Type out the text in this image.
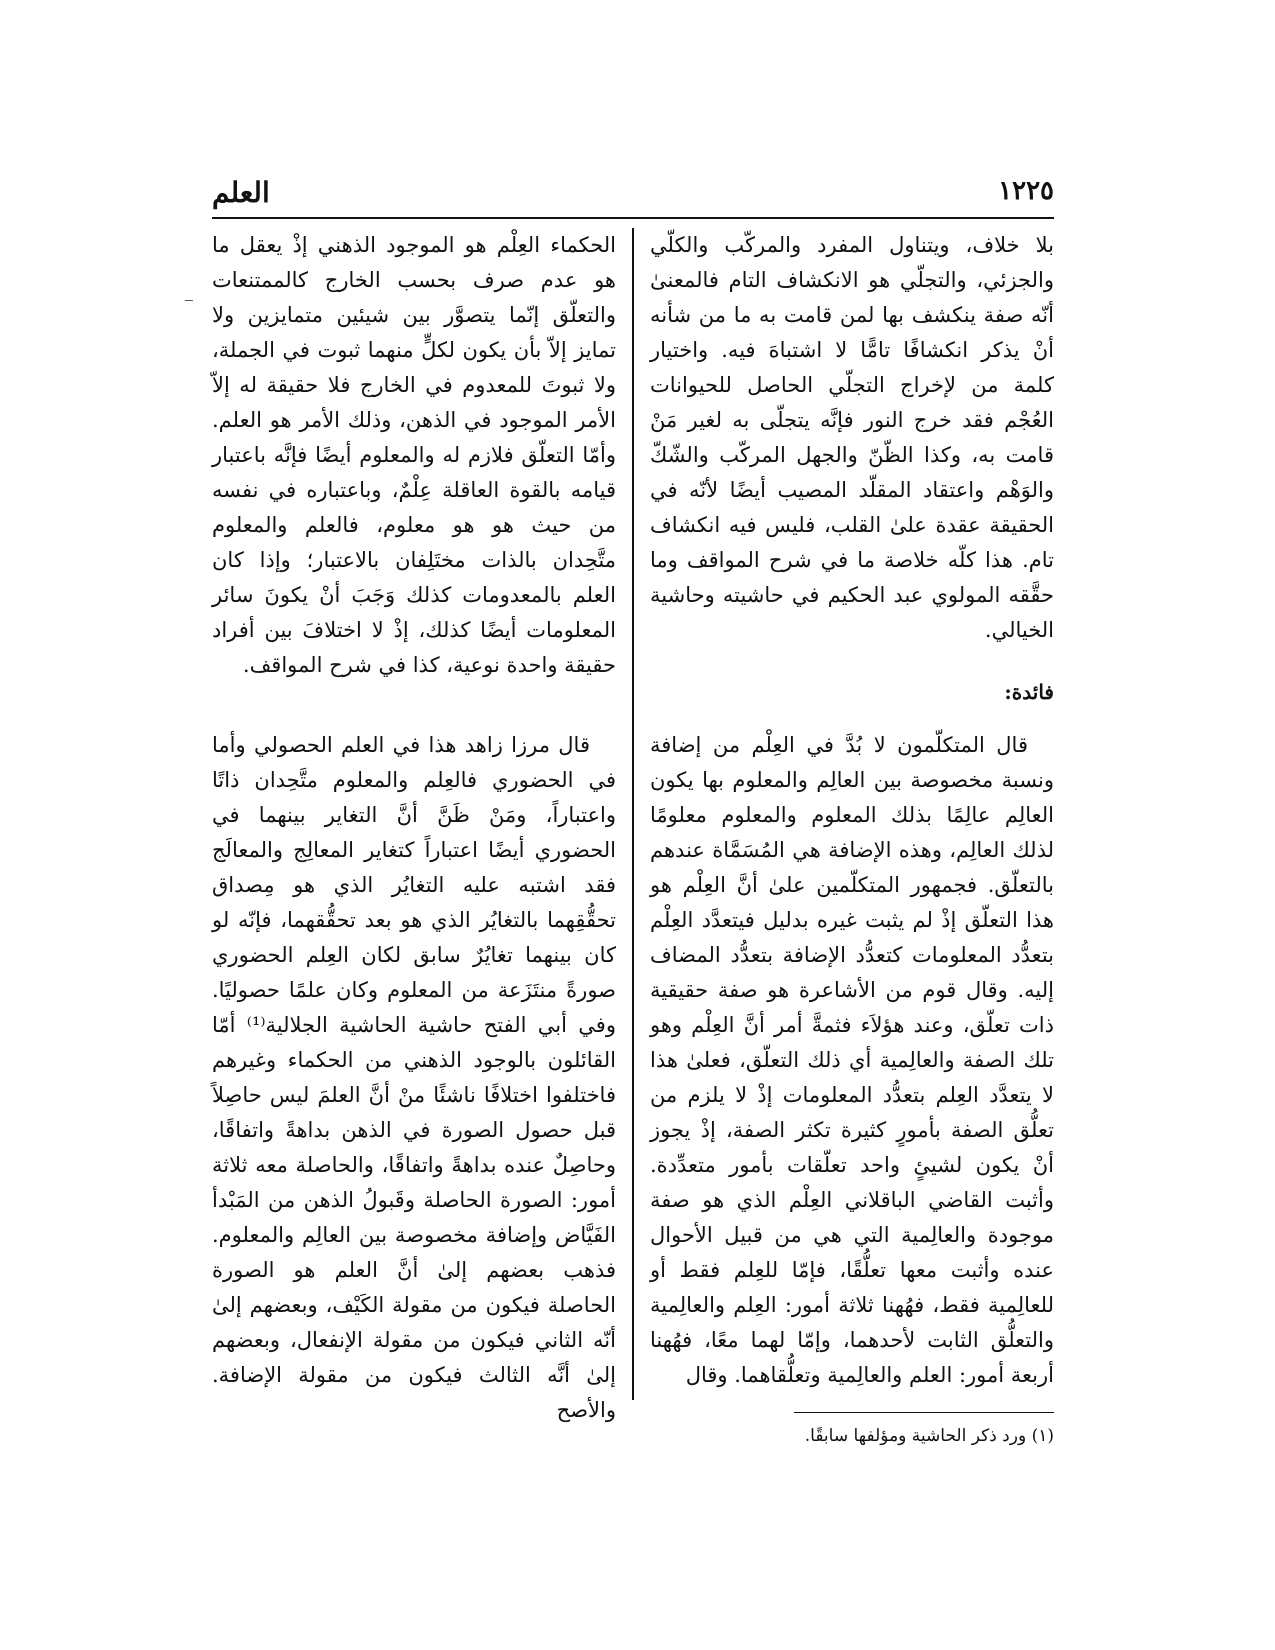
العلم	١٢٢٥

بلا خلاف، ويتناول المفرد والمركّب والكلّي والجزئي، والتجلّي هو الانكشاف التام فالمعنىٰ أنّه صفة ينكشف بها لمن قامت به ما من شأنه أنْ يذكر انكشافًا تامًّا لا اشتباهَ فيه. واختيار كلمة من لإخراج التجلّي الحاصل للحيوانات العُجْم فقد خرج النور فإنَّه يتجلّى به لغير مَنْ قامت به، وكذا الظّنّ والجهل المركّب والشّكّ والوَهْم واعتقاد المقلّد المصيب أيضًا لأنّه في الحقيقة عقدة علىٰ القلب، فليس فيه انكشاف تام. هذا كلّه خلاصة ما في شرح المواقف وما حقَّقه المولوي عبد الحكيم في حاشيته وحاشية الخيالي.

فائدة:

قال المتكلّمون لا بُدَّ في العِلْم من إضافة ونسبة مخصوصة بين العالِم والمعلوم بها يكون العالِم عالِمًا بذلك المعلوم والمعلوم معلومًا لذلك العالِم، وهذه الإضافة هي المُسَمَّاة عندهم بالتعلّق. فجمهور المتكلّمين علىٰ أنَّ العِلْم هو هذا التعلّق إذْ لم يثبت غيره بدليل فيتعدَّد العِلْم بتعدُّد المعلومات كتعدُّد الإضافة بتعدُّد المضاف إليه. وقال قوم من الأشاعرة هو صفة حقيقية ذات تعلّق، وعند هؤلاَء فثمةَّ أمر أنَّ العِلْم وهو تلك الصفة والعالِمية أي ذلك التعلّق، فعلىٰ هذا لا يتعدَّد العِلم بتعدُّد المعلومات إذْ لا يلزم من تعلُّق الصفة بأمورٍ كثيرة تكثر الصفة، إذْ يجوز أنْ يكون لشيئٍ واحد تعلّقات بأمور متعدِّدة. وأثبت القاضي الباقلاني العِلْم الذي هو صفة موجودة والعالِمية التي هي من قبيل الأحوال عنده وأثبت معها تعلُّقًا، فإمّا للعِلم فقط أو للعالِمية فقط، فهُهنا ثلاثة أمور: العِلم والعالِمية والتعلُّق الثابت لأحدهما، وإمّا لهما معًا، فهُهنا أربعة أمور: العلم والعالِمية وتعلُّقاهما. وقال

الحكماء العِلْم هو الموجود الذهني إذْ يعقل ما هو عدم صرف بحسب الخارج كالممتنعات والتعلّق إنّما يتصوَّر بين شيئين متمايزين ولا تمايز إلاّ بأن يكون لكلٍّ منهما ثبوت في الجملة، ولا ثبوتَ للمعدوم في الخارج فلا حقيقة له إلاّ الأمر الموجود في الذهن، وذلك الأمر هو العلم. وأمّا التعلّق فلازم له والمعلوم أيضًا فإنَّه باعتبار قيامه بالقوة العاقلة عِلْمٌ، وباعتباره في نفسه من حيث هو هو معلوم، فالعلم والمعلوم متَّحِدان بالذات مختَلِفان بالاعتبار؛ وإذا كان العلم بالمعدومات كذلك وَجَبَ أنْ يكونَ سائر المعلومات أيضًا كذلك، إذْ لا اختلافَ بين أفراد حقيقة واحدة نوعية، كذا في شرح المواقف.

قال مرزا زاهد هذا في العلم الحصولي وأما في الحضوري فالعِلم والمعلوم متَّحِدان ذاتًا واعتباراً، ومَنْ ظَنَّ أنَّ التغاير بينهما في الحضوري أيضًا اعتباراً كتغاير المعالِج والمعالَج فقد اشتبه عليه التغايُر الذي هو مِصداق تحقُّقِهما بالتغايُر الذي هو بعد تحقُّقهما، فإنّه لو كان بينهما تغايُرٌ سابق لكان العِلم الحضوري صورةً منتَزَعة من المعلوم وكان علمًا حصوليًا. وفي أبي الفتح حاشية الحاشية الجلالية⁽¹⁾ أمّا القائلون بالوجود الذهني من الحكماء وغيرهم فاختلفوا اختلافًا ناشئًا منْ أنَّ العلمَ ليس حاصِلاً قبل حصول الصورة في الذهن بداهةً واتفاقًا، وحاصِلٌ عنده بداهةً واتفاقًا، والحاصلة معه ثلاثة أمور: الصورة الحاصلة وقَبولُ الذهن من المَبْدأ الفَيَّاض وإضافة مخصوصة بين العالِم والمعلوم. فذهب بعضهم إلىٰ أنَّ العلم هو الصورة الحاصلة فيكون من مقولة الكَيْف، وبعضهم إلىٰ أنّه الثاني فيكون من مقولة الإنفعال، وبعضهم إلىٰ أنَّه الثالث فيكون من مقولة الإضافة. والأصح

(١) ورد ذكر الحاشية ومؤلفها سابقًا.
